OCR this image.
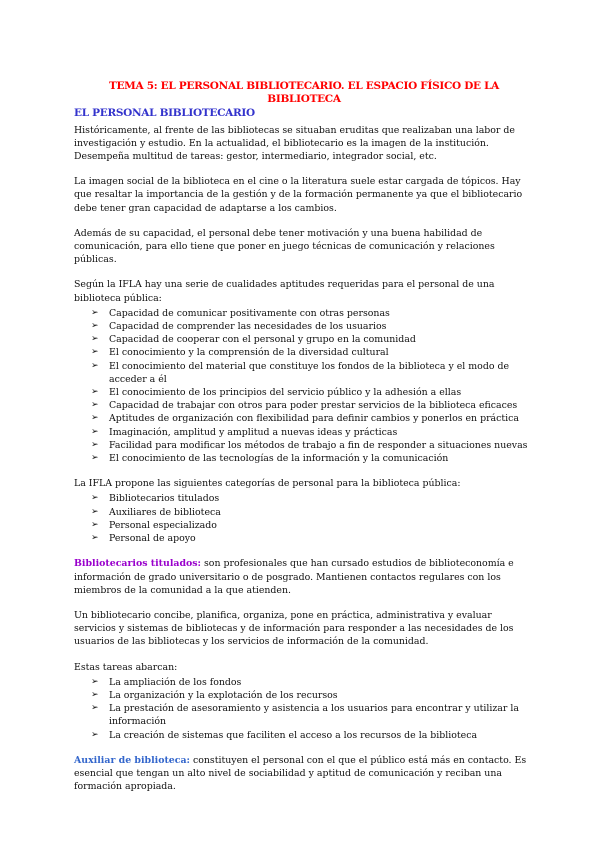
TEMA 5: EL PERSONAL BIBLIOTECARIO. EL ESPACIO FÍSICO DE LA BIBLIOTECA
EL PERSONAL BIBLIOTECARIO

Históricamente, al frente de las bibliotecas se situaban eruditas que realizaban una labor de investigación y estudio. En la actualidad, el bibliotecario es la imagen de la institución. Desempeña multitud de tareas: gestor, intermediario, integrador social, etc.

La imagen social de la biblioteca en el cine o la literatura suele estar cargada de tópicos. Hay que resaltar la importancia de la gestión y de la formación permanente ya que el bibliotecario debe tener gran capacidad de adaptarse a los cambios.

Además de su capacidad, el personal debe tener motivación y una buena habilidad de comunicación, para ello tiene que poner en juego técnicas de comunicación y relaciones públicas.

Según la IFLA hay una serie de cualidades aptitudes requeridas para el personal de una biblioteca pública:

➢ Capacidad de comunicar positivamente con otras personas
➢ Capacidad de comprender las necesidades de los usuarios
➢ Capacidad de cooperar con el personal y grupo en la comunidad
➢ El conocimiento y la comprensión de la diversidad cultural
➢ El conocimiento del material que constituye los fondos de la biblioteca y el modo de acceder a él
➢ El conocimiento de los principios del servicio público y la adhesión a ellas
➢ Capacidad de trabajar con otros para poder prestar servicios de la biblioteca eficaces
➢ Aptitudes de organización con flexibilidad para definir cambios y ponerlos en práctica
➢ Imaginación, amplitud y amplitud a nuevas ideas y prácticas
➢ Facilidad para modificar los métodos de trabajo a fin de responder a situaciones nuevas
➢ El conocimiento de las tecnologías de la información y la comunicación

La IFLA propone las siguientes categorías de personal para la biblioteca pública:

➢ Bibliotecarios titulados
➢ Auxiliares de biblioteca
➢ Personal especializado
➢ Personal de apoyo

Bibliotecarios titulados: son profesionales que han cursado estudios de biblioteconomía e información de grado universitario o de posgrado. Mantienen contactos regulares con los miembros de la comunidad a la que atienden.

Un bibliotecario concibe, planifica, organiza, pone en práctica, administrativa y evaluar servicios y sistemas de bibliotecas y de información para responder a las necesidades de los usuarios de las bibliotecas y los servicios de información de la comunidad.

Estas tareas abarcan:

➢ La ampliación de los fondos
➢ La organización y la explotación de los recursos
➢ La prestación de asesoramiento y asistencia a los usuarios para encontrar y utilizar la información
➢ La creación de sistemas que faciliten el acceso a los recursos de la biblioteca

Auxiliar de biblioteca: constituyen el personal con el que el público está más en contacto. Es esencial que tengan un alto nivel de sociabilidad y aptitud de comunicación y reciban una formación apropiada.
